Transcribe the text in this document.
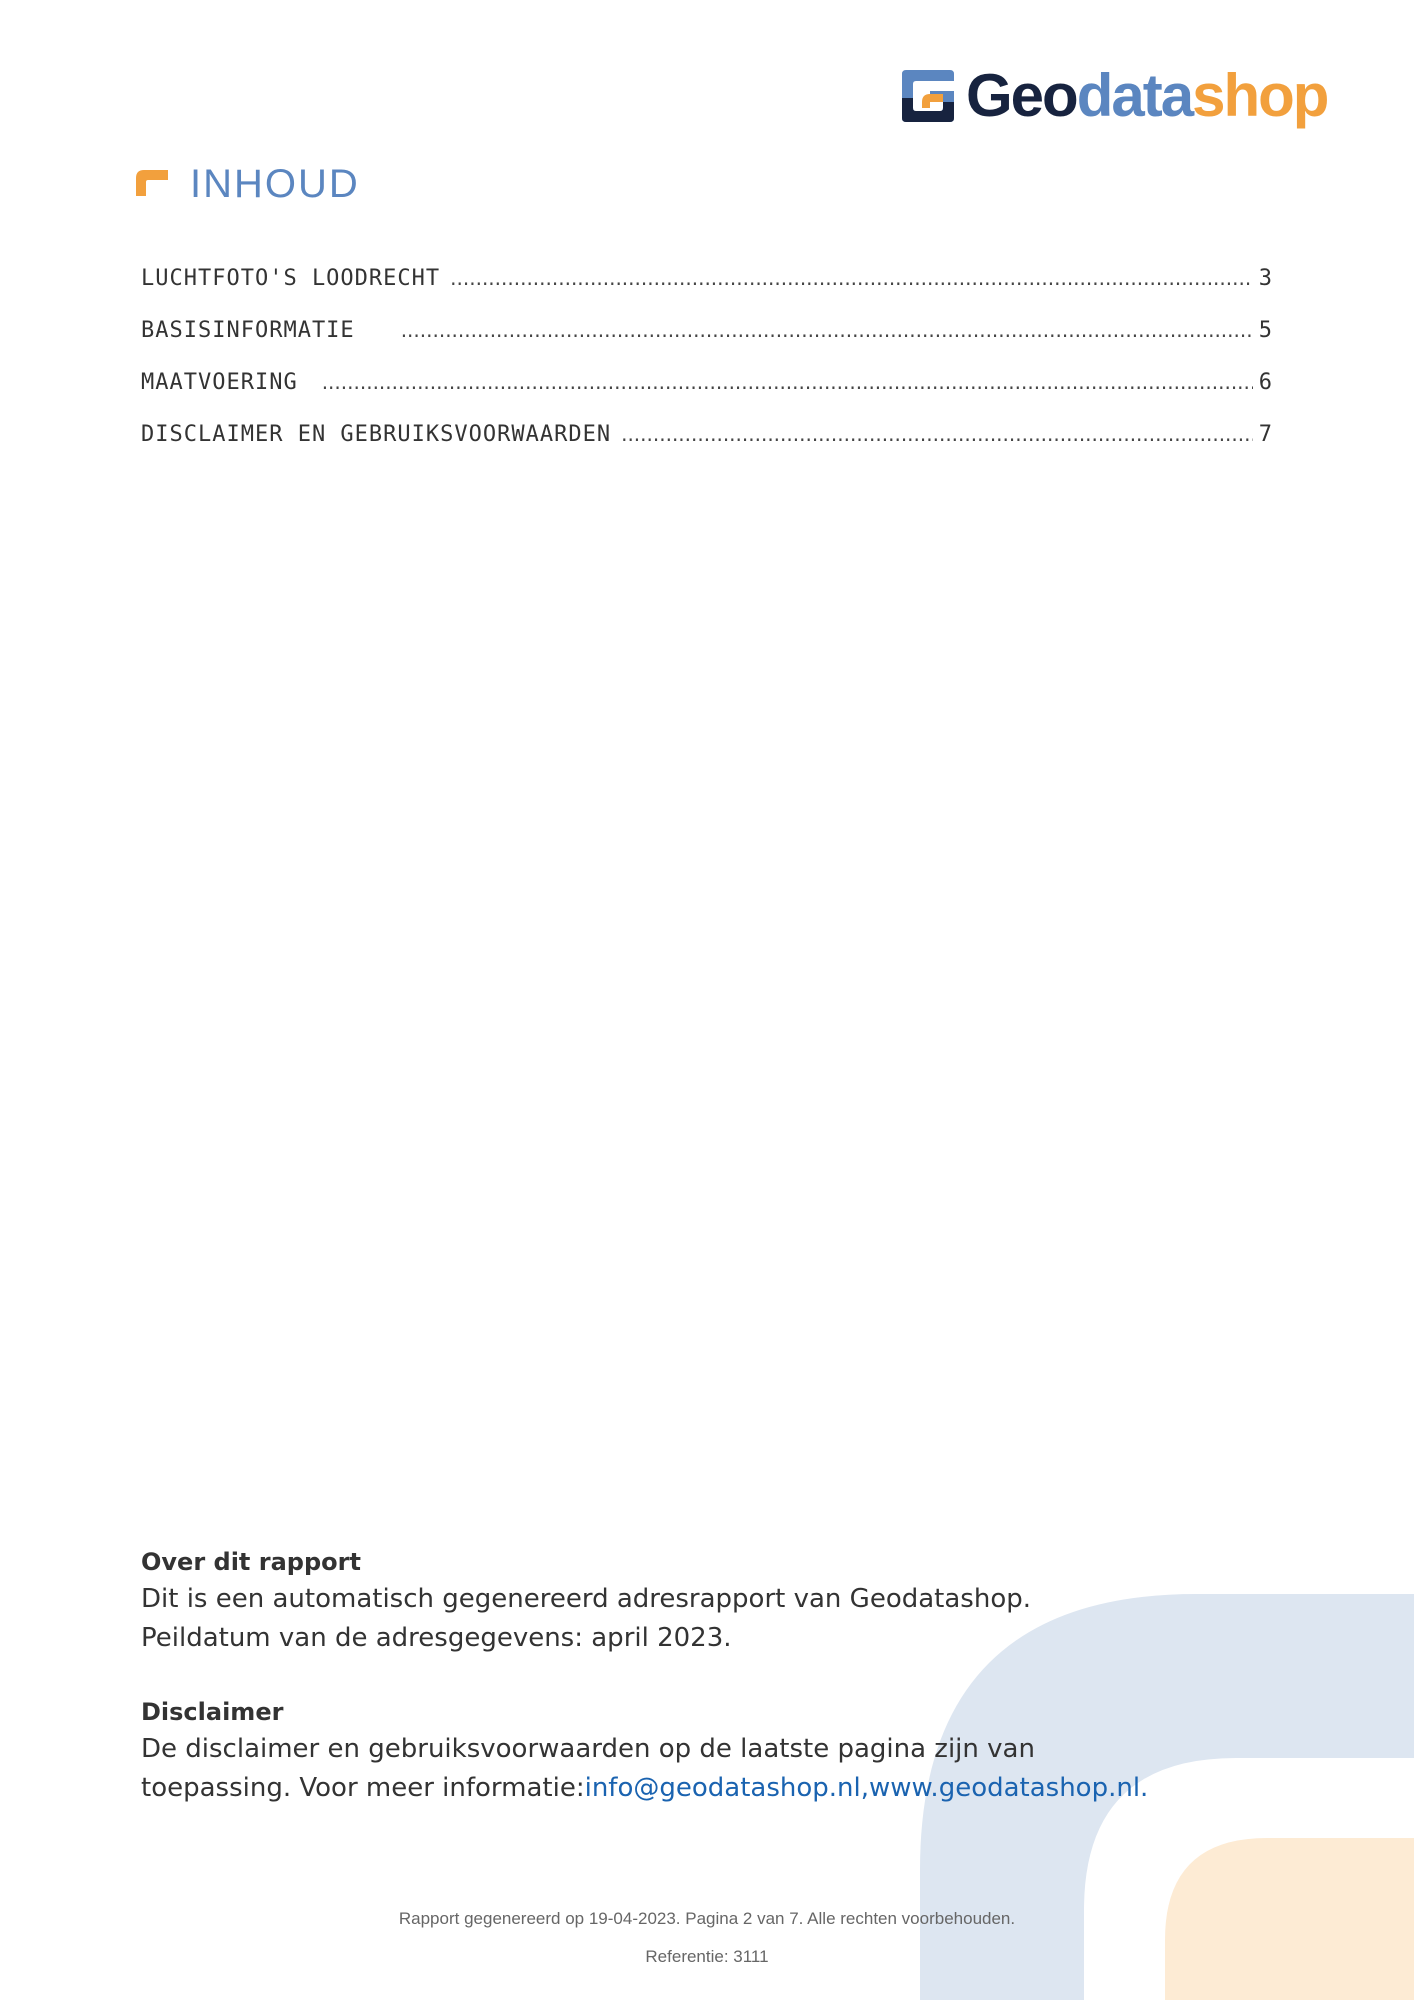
Geodatashop
INHOUD
LUCHTFOTO'S LOODRECHT .....	3
BASISINFORMATIE .....	5
MAATVOERING .....	6
DISCLAIMER EN GEBRUIKSVOORWAARDEN .....	7
Over dit rapport

Dit is een automatisch gegenereerd adresrapport van Geodatashop.

Peildatum van de adresgegevens: april 2023.

Disclaimer

De disclaimer en gebruiksvoorwaarden op de laatste pagina zijn van

toepassing. Voor meer informatie:info@geodatashop.nl,www.geodatashop.nl.

Rapport gegenereerd op 19-04-2023. Pagina 2 van 7. Alle rechten voorbehouden.
Referentie: 3111
